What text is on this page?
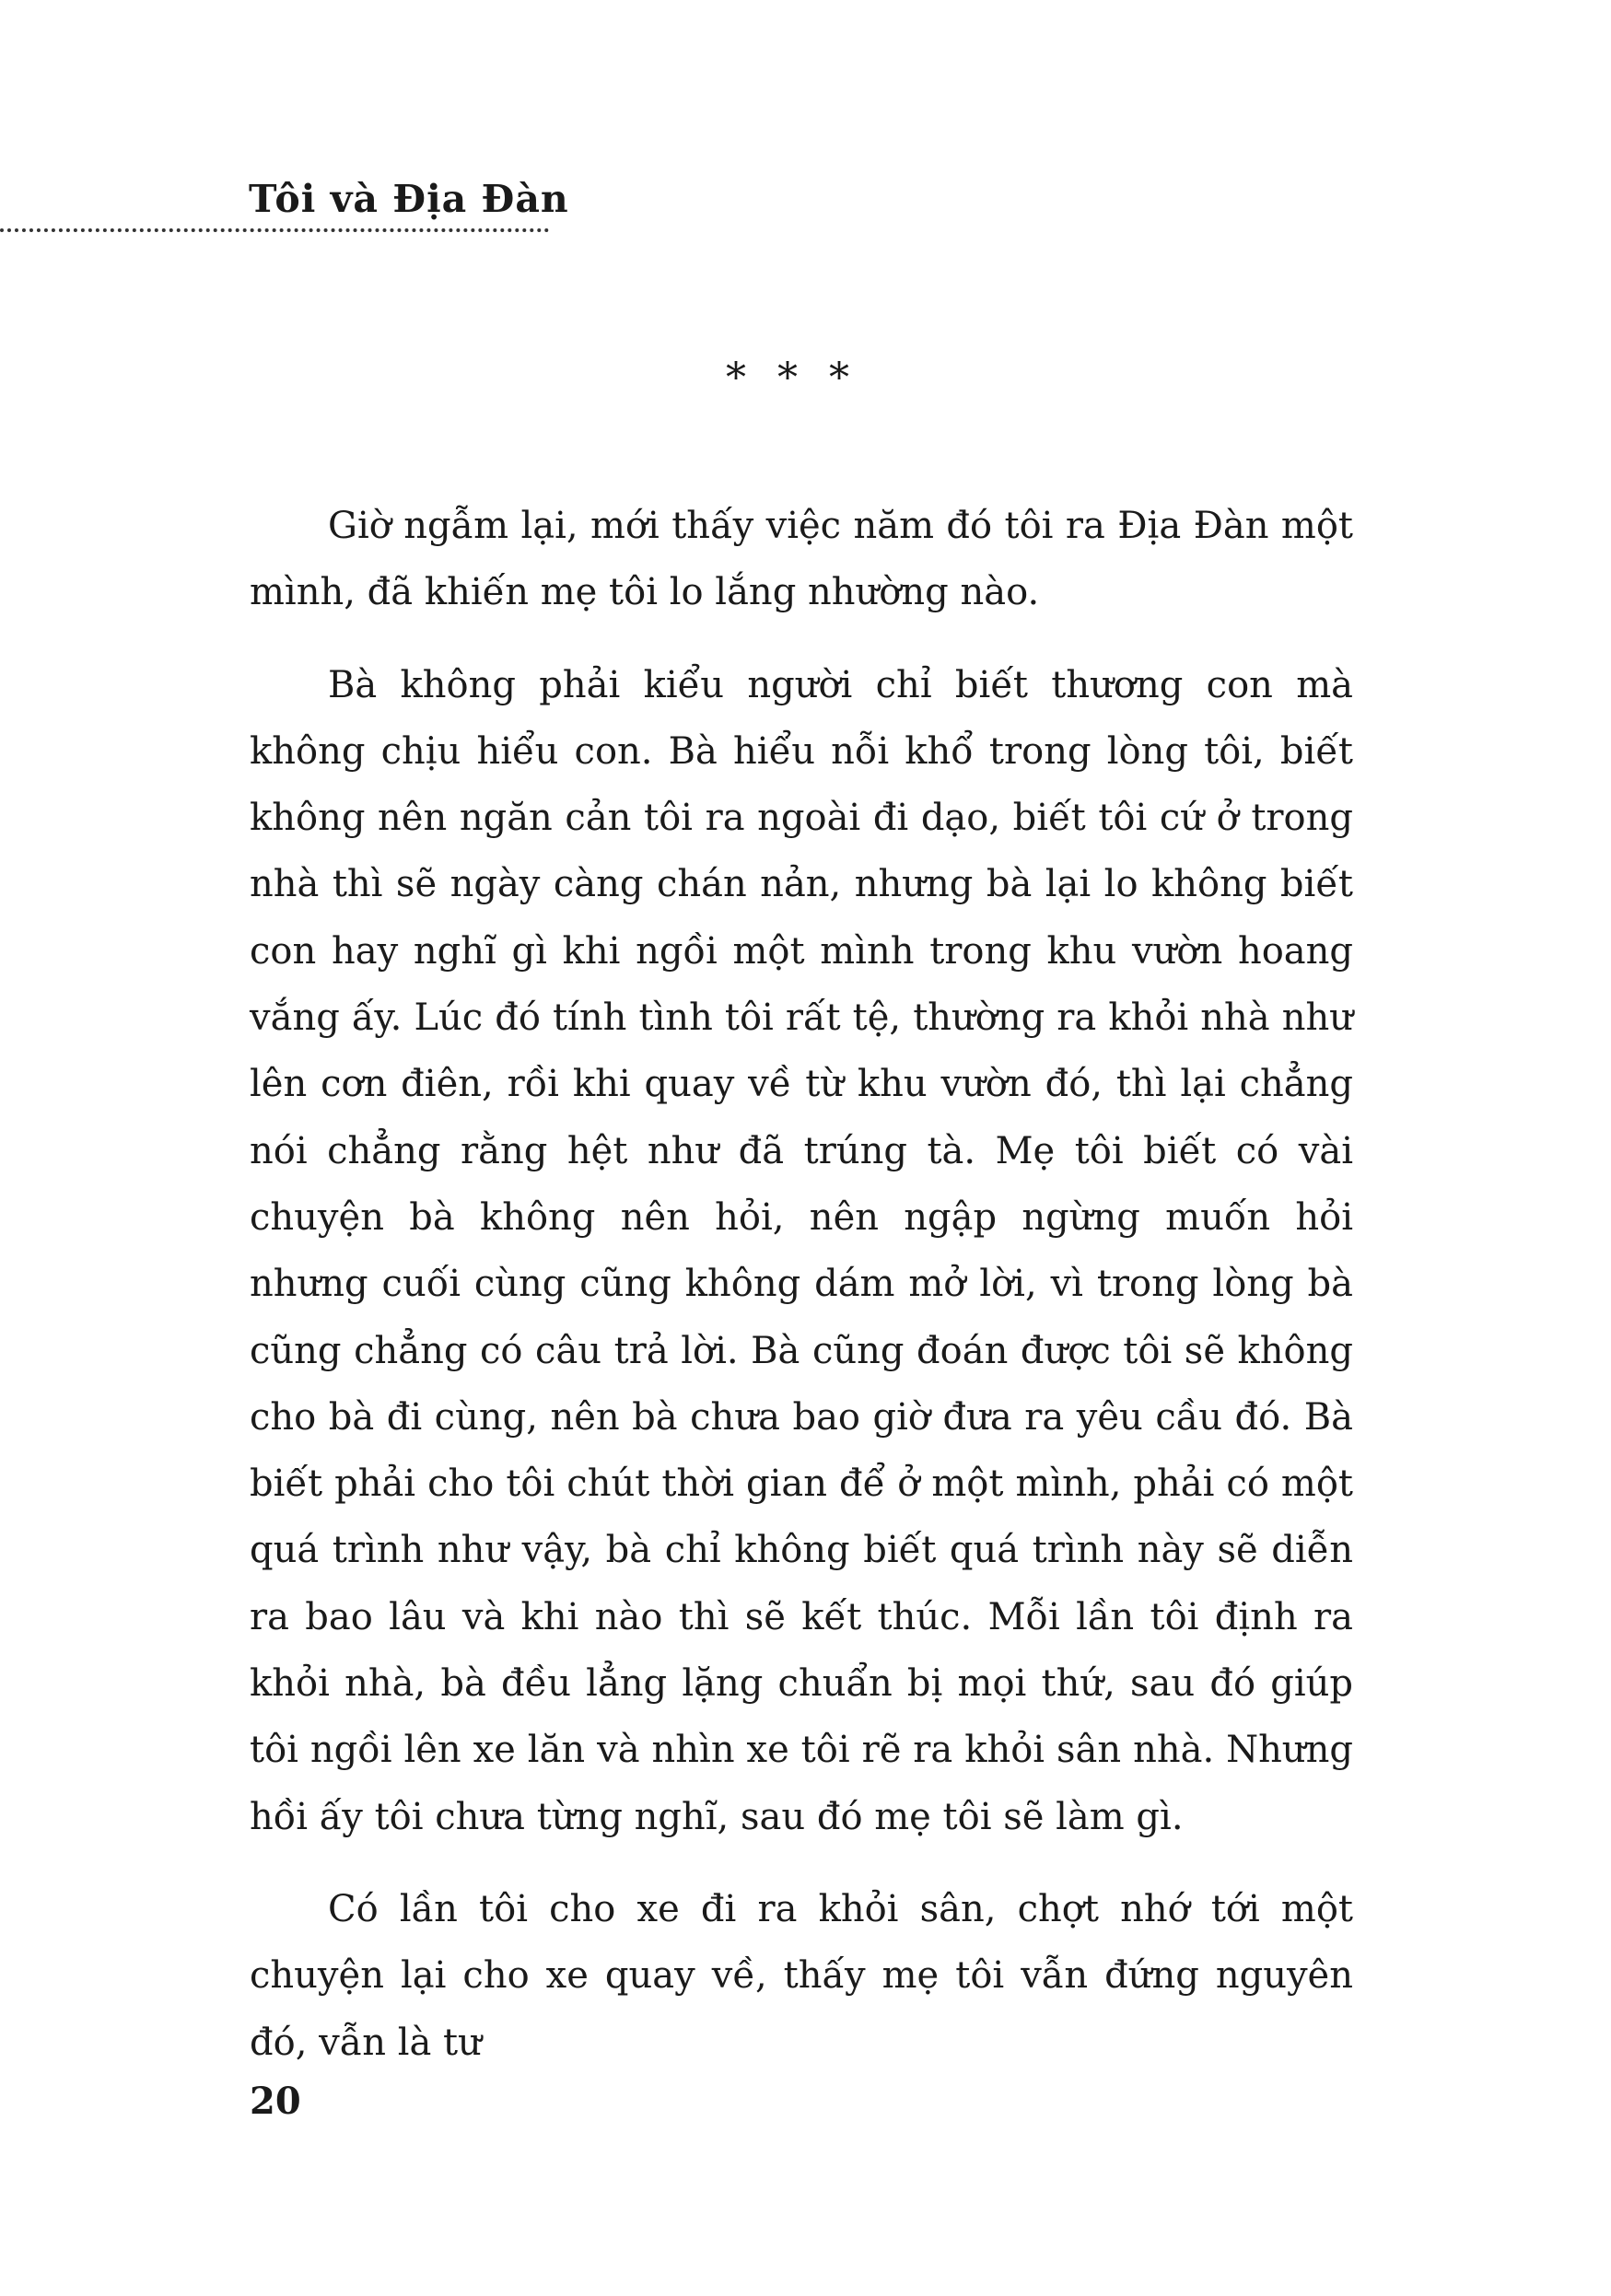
Tôi và Địa Đàn
* * *

Giờ ngẫm lại, mới thấy việc năm đó tôi ra Địa Đàn một mình, đã khiến mẹ tôi lo lắng nhường nào.

Bà không phải kiểu người chỉ biết thương con mà không chịu hiểu con. Bà hiểu nỗi khổ trong lòng tôi, biết không nên ngăn cản tôi ra ngoài đi dạo, biết tôi cứ ở trong nhà thì sẽ ngày càng chán nản, nhưng bà lại lo không biết con hay nghĩ gì khi ngồi một mình trong khu vườn hoang vắng ấy. Lúc đó tính tình tôi rất tệ, thường ra khỏi nhà như lên cơn điên, rồi khi quay về từ khu vườn đó, thì lại chẳng nói chẳng rằng hệt như đã trúng tà. Mẹ tôi biết có vài chuyện bà không nên hỏi, nên ngập ngừng muốn hỏi nhưng cuối cùng cũng không dám mở lời, vì trong lòng bà cũng chẳng có câu trả lời. Bà cũng đoán được tôi sẽ không cho bà đi cùng, nên bà chưa bao giờ đưa ra yêu cầu đó. Bà biết phải cho tôi chút thời gian để ở một mình, phải có một quá trình như vậy, bà chỉ không biết quá trình này sẽ diễn ra bao lâu và khi nào thì sẽ kết thúc. Mỗi lần tôi định ra khỏi nhà, bà đều lẳng lặng chuẩn bị mọi thứ, sau đó giúp tôi ngồi lên xe lăn và nhìn xe tôi rẽ ra khỏi sân nhà. Nhưng hồi ấy tôi chưa từng nghĩ, sau đó mẹ tôi sẽ làm gì.

Có lần tôi cho xe đi ra khỏi sân, chợt nhớ tới một chuyện lại cho xe quay về, thấy mẹ tôi vẫn đứng nguyên đó, vẫn là tư

20
